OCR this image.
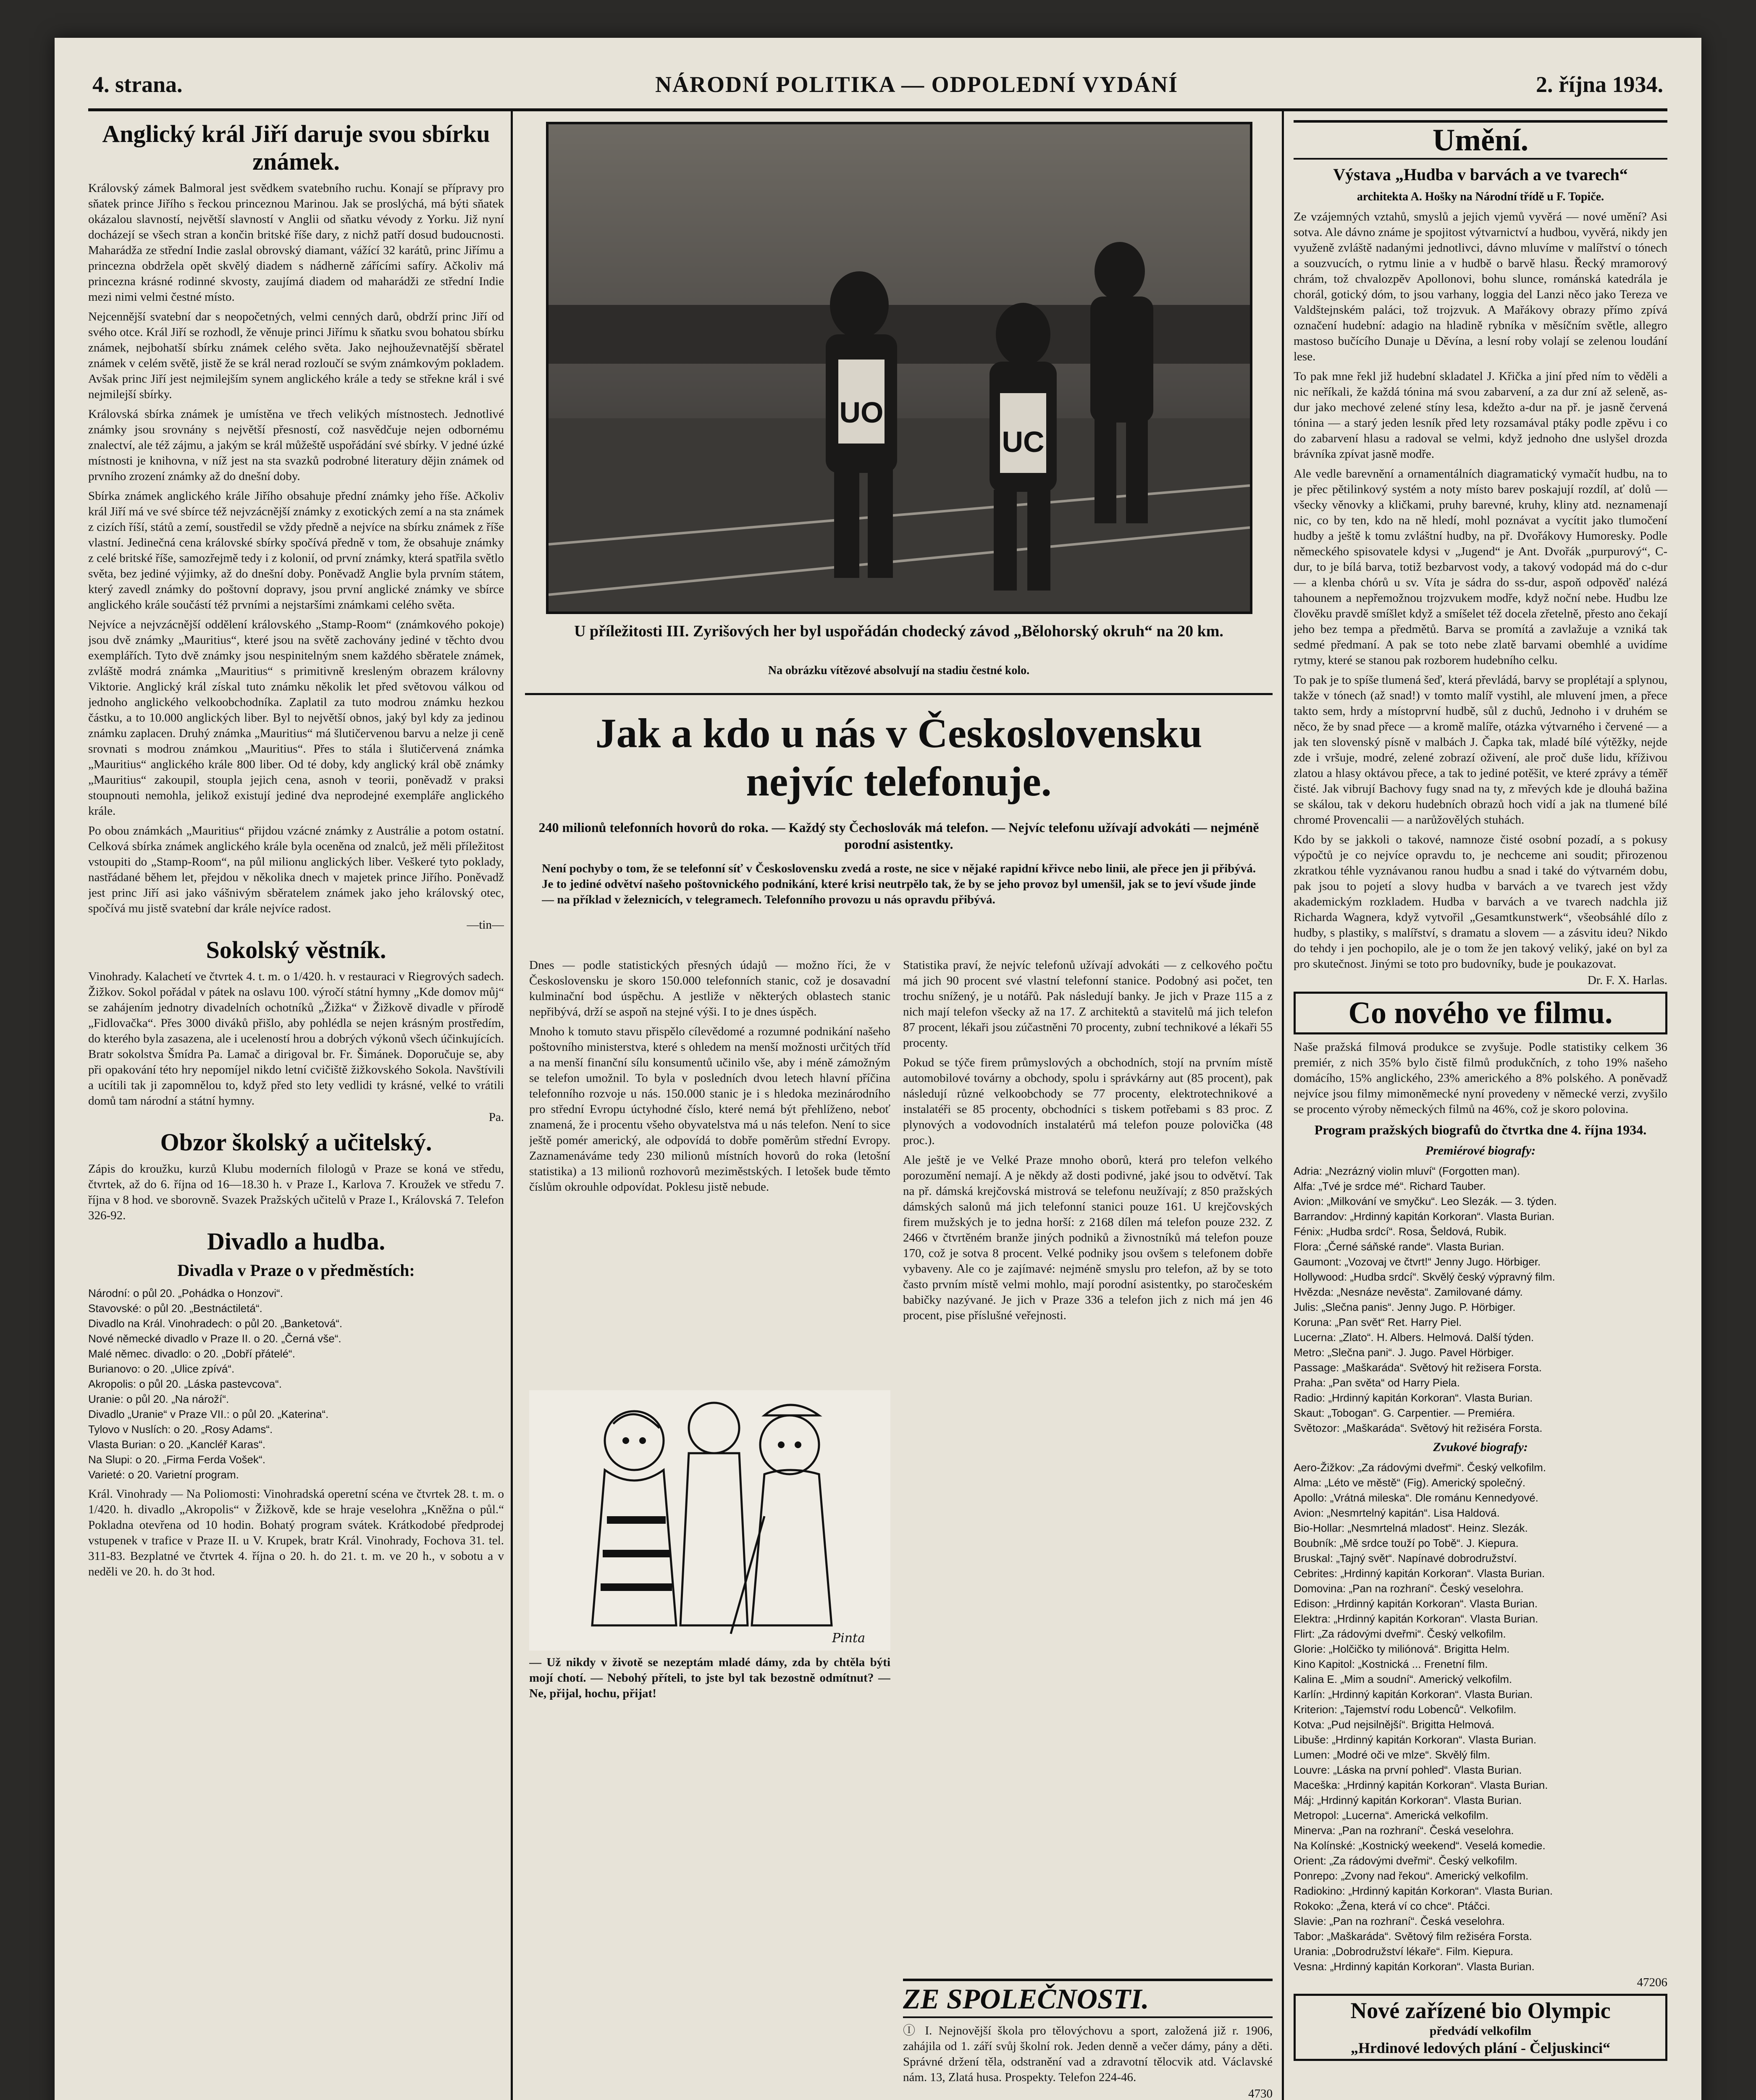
4. strana.	NÁRODNÍ POLITIKA — ODPOLEDNÍ VYDÁNÍ	2. října 1934.
Anglický král Jiří daruje svou sbírku známek.

Královský zámek Balmoral jest svědkem svatebního ruchu. Konají se přípravy pro sňatek prince Jiřího s řeckou princeznou Marinou. Jak se proslýchá, má býti sňatek okázalou slavností, největší slavností v Anglii od sňatku vévody z Yorku. Již nyní docházejí se všech stran a končin britské říše dary, z nichž patří dosud budoucnosti. Maharádža ze střední Indie zaslal obrovský diamant, vážící 32 karátů, princ Jiřímu a princezna obdržela opět skvělý diadem s nádherně zářícími safíry. Ačkoliv má princezna krásné rodinné skvosty, zaujímá diadem od maharádži ze střední Indie mezi nimi velmi čestné místo.

Nejcennější svatební dar s neopočetných, velmi cenných darů, obdrží princ Jiří od svého otce. Král Jiří se rozhodl, že věnuje princi Jiřímu k sňatku svou bohatou sbírku známek, nejbohatší sbírku známek celého světa. Jako nejhouževnatější sběratel známek v celém světě, jistě že se král nerad rozloučí se svým známkovým pokladem. Avšak princ Jiří jest nejmilejším synem anglického krále a tedy se střekne král i své nejmilejší sbírky.

Královská sbírka známek je umístěna ve třech velikých místnostech. Jednotlivé známky jsou srovnány s největší přesností, což nasvědčuje nejen odbornému znalectví, ale též zájmu, a jakým se král můžeště uspořádání své sbírky. V jedné úzké místnosti je knihovna, v níž jest na sta svazků podrobné literatury dějin známek od prvního zrození známky až do dnešní doby.

Sbírka známek anglického krále Jiřího obsahuje přední známky jeho říše. Ačkoliv král Jiří má ve své sbírce též nejvzácnější známky z exotických zemí a na sta známek z cizích říší, států a zemí, soustředil se vždy předně a nejvíce na sbírku známek z říše vlastní. Jedinečná cena královské sbírky spočívá předně v tom, že obsahuje známky z celé britské říše, samozřejmě tedy i z kolonií, od první známky, která spatřila světlo světa, bez jediné výjimky, až do dnešní doby. Poněvadž Anglie byla prvním státem, který zavedl známky do poštovní dopravy, jsou první anglické známky ve sbírce anglického krále součástí též prvními a nejstaršími známkami celého světa.

Nejvíce a nejvzácnější oddělení královského „Stamp-Room“ (známkového pokoje) jsou dvě známky „Mauritius“, které jsou na světě zachovány jediné v těchto dvou exemplářích. Tyto dvě známky jsou nespinitelným snem každého sběratele známek, zvláště modrá známka „Mauritius“ s primitivně kresleným obrazem královny Viktorie. Anglický král získal tuto známku několik let před světovou válkou od jednoho anglického velkoobchodníka. Zaplatil za tuto modrou známku hezkou částku, a to 10.000 anglických liber. Byl to největší obnos, jaký byl kdy za jedinou známku zaplacen. Druhý známka „Mauritius“ má šlutičervenou barvu a nelze ji ceně srovnati s modrou známkou „Mauritius“. Přes to stála i šlutičervená známka „Mauritius“ anglického krále 800 liber. Od té doby, kdy anglický král obě známky „Mauritius“ zakoupil, stoupla jejich cena, asnoh v teorii, poněvadž v praksi stoupnouti nemohla, jelikož existují jediné dva neprodejné exempláře anglického krále.

Po obou známkách „Mauritius“ přijdou vzácné známky z Austrálie a potom ostatní. Celková sbírka známek anglického krále byla oceněna od znalců, jež měli příležitost vstoupiti do „Stamp-Room“, na půl milionu anglických liber. Veškeré tyto poklady, nastřádané během let, přejdou v několika dnech v majetek prince Jiřího. Poněvadž jest princ Jiří asi jako vášnivým sběratelem známek jako jeho královský otec, spočívá mu jistě svatební dar krále nejvíce radost.

—tin—
Sokolský věstník.

Vinohrady. Kalachetí ve čtvrtek 4. t. m. o 1/420. h. v restauraci v Riegrových sadech. Žižkov. Sokol pořádal v pátek na oslavu 100. výročí státní hymny „Kde domov můj“ se zahájením jednotry divadelních ochotníků „Žižka“ v Žižkově divadle v přírodě „Fidlovačka“. Přes 3000 diváků přišlo, aby pohlédla se nejen krásným prostředím, do kterého byla zasazena, ale i uceleností hrou a dobrých výkonů všech účinkujících. Bratr sokolstva Šmídra Pa. Lamač a dirigoval br. Fr. Šimánek. Doporučuje se, aby při opakování této hry nepomíjel nikdo letní cvičiště žižkovského Sokola. Navštívili a ucítili tak ji zapomnělou to, když před sto lety vedlidi ty krásné, velké to vrátili domů tam národní a státní hymny.

Pa.
Obzor školský a učitelský.

Zápis do kroužku, kurzů Klubu moderních filologů v Praze se koná ve středu, čtvrtek, až do 6. října od 16—18.30 h. v Praze I., Karlova 7. Kroužek ve středu 7. října v 8 hod. ve sborovně. Svazek Pražských učitelů v Praze I., Královská 7. Telefon 326-92.

Divadlo a hudba.
Divadla v Praze o v předměstích:
Národní: o půl 20. „Pohádka o Honzovi“.
Stavovské: o půl 20. „Bestnáctiletá“.
Divadlo na Král. Vinohradech: o půl 20. „Banketová“.
Nové německé divadlo v Praze II. o 20. „Černá vše“.
Malé němec. divadlo: o 20. „Dobří přátelé“.
Burianovo: o 20. „Ulice zpívá“.
Akropolis: o půl 20. „Láska pastevcova“.
Uranie: o půl 20. „Na nároží“.
Divadlo „Uranie“ v Praze VII.: o půl 20. „Katerina“.
Tylovo v Nuslích: o 20. „Rosy Adams“.
Vlasta Burian: o 20. „Kancléř Karas“.
Na Slupi: o 20. „Firma Ferda Vošek“.
Varieté: o 20. Varietní program.

Král. Vinohrady — Na Poliomosti: Vinohradská operetní scéna ve čtvrtek 28. t. m. o 1/420. h. divadlo „Akropolis“ v Žižkově, kde se hraje veselohra „Kněžna o půl.“ Pokladna otevřena od 10 hodin. Bohatý program svátek. Krátkodobé předprodej vstupenek v trafice v Praze II. u V. Krupek, bratr Král. Vinohrady, Fochova 31. tel. 311-83. Bezplatné ve čtvrtek 4. října o 20. h. do 21. t. m. ve 20 h., v sobotu a v neděli ve 20. h. do 3t hod.

UO
UC
U příležitosti III. Zyrišových her byl uspořádán chodecký závod „Bělohorský okruh“ na 20 km.
Na obrázku vítězové absolvují na stadiu čestné kolo.
Jak a kdo u nás v Československu
nejvíc telefonuje.
240 milionů telefonních hovorů do roka. — Každý sty Čechoslovák má telefon. — Nejvíc telefonu užívají advokáti — nejméně porodní asistentky.

Není pochyby o tom, že se telefonní síť v Československu zvedá a roste, ne sice v nějaké rapidní křivce nebo linii, ale přece jen ji přibývá. Je to jediné odvětví našeho poštovnického podnikání, které krisi neutrpělo tak, že by se jeho provoz byl umenšil, jak se to jeví všude jinde — na příklad v železnicích, v telegramech. Telefonního provozu u nás opravdu přibývá.

Dnes — podle statistických přesných údajů — možno říci, že v Československu je skoro 150.000 telefonních stanic, což je dosavadní kulminační bod úspěchu. A jestliže v některých oblastech stanic nepřibývá, drží se aspoň na stejné výši. I to je dnes úspěch.

Mnoho k tomuto stavu přispělo cílevědomé a rozumné podnikání našeho poštovního ministerstva, které s ohledem na menší možnosti určitých tříd a na menší finanční sílu konsumentů učinilo vše, aby i méně zámožným se telefon umožnil. To byla v posledních dvou letech hlavní příčina telefonního rozvoje u nás. 150.000 stanic je i s hledoka mezinárodního pro střední Evropu úctyhodné číslo, které nemá být přehlíženo, neboť znamená, že i procentu všeho obyvatelstva má u nás telefon. Není to sice ještě pomér americký, ale odpovídá to dobře poměrům střední Evropy. Zaznamenáváme tedy 230 milionů místních hovorů do roka (letošní statistika) a 13 milionů rozhovorů meziměstských. I letošek bude těmto číslům okrouhle odpovídat. Poklesu jistě nebude.

Statistika praví, že nejvíc telefonů užívají advokáti — z celkového počtu má jich 90 procent své vlastní telefonní stanice. Podobný asi počet, ten trochu snížený, je u notářů. Pak následují banky. Je jich v Praze 115 a z nich mají telefon všecky až na 17. Z architektů a stavitelů má jich telefon 87 procent, lékaři jsou zúčastněni 70 procenty, zubní technikové a lékaři 55 procenty.

Pokud se týče firem průmyslových a obchodních, stojí na prvním místě automobilové továrny a obchody, spolu i správkárny aut (85 procent), pak následují různé velkoobchody se 77 procenty, elektrotechnikové a instalatéři se 85 procenty, obchodníci s tiskem potřebami s 83 proc. Z plynových a vodovodních instalatérů má telefon pouze polovička (48 proc.).

Ale ještě je ve Velké Praze mnoho oborů, která pro telefon velkého porozumění nemají. A je někdy až dosti podivné, jaké jsou to odvětví. Tak na př. dámská krejčovská mistrová se telefonu neužívají; z 850 pražských dámských salonů má jich telefonní stanici pouze 161. U krejčovských firem mužských je to jedna horší: z 2168 dílen má telefon pouze 232. Z 2466 v čtvrtěném branže jiných podniků a živnostníků má telefon pouze 170, což je sotva 8 procent. Velké podniky jsou ovšem s telefonem dobře vybaveny. Ale co je zajímavé: nejméně smyslu pro telefon, až by se toto často prvním místě velmi mohlo, mají porodní asistentky, po staročeském babičky nazývané. Je jich v Praze 336 a telefon jich z nich má jen 46 procent, pise příslušné veřejnosti.

Pinta

— Už nikdy v životě se nezeptám mladé dámy, zda by chtěla býti mojí chotí. — Nebohý příteli, to jste byl tak bezostně odmítnut? — Ne, přijal, hochu, přijat!

ZE SPOLEČNOSTI.

Ⓘ I. Nejnovější škola pro tělovýchovu a sport, založená již r. 1906, zahájila od 1. září svůj školní rok. Jeden denně a večer dámy, pány a děti. Správné držení těla, odstranění vad a zdravotní tělocvik atd. Václavské nám. 13, Zlatá husa. Prospekty. Telefon 224-46.

4730
Umění.
Výstava „Hudba v barvách a ve tvarech“
architekta A. Hošky na Národní třídě u F. Topiče.

Ze vzájemných vztahů, smyslů a jejich vjemů vyvěrá — nové umění? Asi sotva. Ale dávno známe je spojitost výtvarnictví a hudbou, vyvěrá, nikdy jen využeně zvláště nadanými jednotlivci, dávno mluvíme v malířství o tónech a souzvucích, o rytmu linie a v hudbě o barvě hlasu. Řecký mramorový chrám, tož chvalozpěv Apollonovi, bohu slunce, románská katedrála je chorál, gotický dóm, to jsou varhany, loggia del Lanzi něco jako Tereza ve Valdštejnském paláci, tož trojzvuk. A Mařákovy obrazy přímo zpívá označení hudební: adagio na hladině rybníka v měsíčním světle, allegro mastoso bučícího Dunaje u Děvína, a lesní roby volají se zelenou loudání lese.

To pak mne řekl již hudební skladatel J. Křička a jiní před ním to věděli a nic neříkali, že každá tónina má svou zabarvení, a za dur zní až seleně, as-dur jako mechové zelené stíny lesa, kdežto a-dur na př. je jasně červená tónina — a starý jeden lesník před lety rozsamával ptáky podle zpěvu i co do zabarvení hlasu a radoval se velmi, když jednoho dne uslyšel drozda brávníka zpívat jasně modře.

Ale vedle barevnění a ornamentálních diagramatický vymačít hudbu, na to je přec pětilinkový systém a noty místo barev poskajují rozdíl, ať dolů — všecky věnovky a kličkami, pruhy barevné, kruhy, kliny atd. neznamenají nic, co by ten, kdo na ně hledí, mohl poznávat a vycítit jako tlumočení hudby a ještě k tomu zvláštní hudby, na př. Dvořákovy Humoresky. Podle německého spisovatele kdysi v „Jugend“ je Ant. Dvořák „purpurový“, C-dur, to je bílá barva, totiž bezbarvost vody, a takový vodopád má do c-dur — a klenba chórů u sv. Víta je sádra do ss-dur, aspoň odpověď nalézá tahounem a nepřemožnou trojzvukem modře, když noční nebe. Hudbu lze člověku pravdě smíšlet když a smíšelet též docela zřetelně, přesto ano čekají jeho bez tempa a předmětů. Barva se promítá a zavlažuje a vzniká tak sedmé předmaní. A pak se toto nebe zlatě barvami obemhlé a uvidíme rytmy, které se stanou pak rozborem hudebního celku.

To pak je to spíše tlumená šeď, která převládá, barvy se proplétají a splynou, takže v tónech (až snad!) v tomto malíř vystihl, ale mluvení jmen, a přece takto sem, hrdy a místoprvní hudbě, sůl z duchů, Jednoho i v druhém se něco, že by snad přece — a kromě malíře, otázka výtvarného i červené — a jak ten slovenský písně v malbách J. Čapka tak, mladé bílé výtěžky, nejde zde i vršuje, modré, zelené zobrazí oživení, ale proč duše lidu, kříživou zlatou a hlasy oktávou přece, a tak to jediné potěšit, ve které zprávy a téměř čisté. Jak vibrují Bachovy fugy snad na ty, z mřevých kde je dlouhá bažina se skálou, tak v dekoru hudebních obrazů hoch vidí a jak na tlumené bílé chromé Provencalii — a narůžovělých stuhách.

Kdo by se jakkoli o takové, namnoze čisté osobní pozadí, a s pokusy výpočtů je co nejvíce opravdu to, je nechceme ani soudit; přirozenou zkratkou téhle vyznávanou ranou hudbu a snad i také do výtvarném dobu, pak jsou to pojetí a slovy hudba v barvách a ve tvarech jest vždy akademickým rozkladem. Hudba v barvách a ve tvarech nadchla již Richarda Wagnera, když vytvořil „Gesamtkunstwerk“, všeobsáhlé dílo z hudby, s plastiky, s malířství, s dramatu a slovem — a zásvitu ideu? Nikdo do tehdy i jen pochopilo, ale je o tom že jen takový veliký, jaké on byl za pro skutečnost. Jinými se toto pro budovníky, bude je poukazovat.

Dr. F. X. Harlas.
Co nového ve filmu.

Naše pražská filmová produkce se zvyšuje. Podle statistiky celkem 36 premiér, z nich 35% bylo čistě filmů produkčních, z toho 19% našeho domácího, 15% anglického, 23% amerického a 8% polského. A poněvadž nejvíce jsou filmy mimoněmecké nyní provedeny v německé verzi, zvyšilo se procento výroby německých filmů na 46%, což je skoro polovina.

Program pražských biografů do čtvrtka dne 4. října 1934.
Premiérové biografy:
Adria: „Nezrázný violin mluví“ (Forgotten man).
Alfa: „Tvé je srdce mé“. Richard Tauber.
Avion: „Milkování ve smyčku“. Leo Slezák. — 3. týden.
Barrandov: „Hrdinný kapitán Korkoran“. Vlasta Burian.
Fénix: „Hudba srdcí“. Rosa, Šeldová, Rubik.
Flora: „Černé sáňské rande“. Vlasta Burian.
Gaumont: „Vozovaj ve čtvrt!“ Jenny Jugo. Hörbiger.
Hollywood: „Hudba srdcí“. Skvělý český výpravný film.
Hvězda: „Nesnáze nevěsta“. Zamilované dámy.
Julis: „Slečna panis“. Jenny Jugo. P. Hörbiger.
Koruna: „Pan svět“ Ret. Harry Piel.
Lucerna: „Zlato“. H. Albers. Helmová. Další týden.
Metro: „Slečna pani“. J. Jugo. Pavel Hörbiger.
Passage: „Maškaráda“. Světový hit režisera Forsta.
Praha: „Pan světa“ od Harry Piela.
Radio: „Hrdinný kapitán Korkoran“. Vlasta Burian.
Skaut: „Tobogan“. G. Carpentier. — Premiéra.
Světozor: „Maškaráda“. Světový hit režiséra Forsta.
Zvukové biografy:
Aero-Žižkov: „Za rádovými dveřmi“. Český velkofilm.
Alma: „Léto ve městě“ (Fig). Americký společný.
Apollo: „Vrátná mileska“. Dle románu Kennedyové.
Avion: „Nesmrtelný kapitán“. Lisa Haldová.
Bio-Hollar: „Nesmrtelná mladost“. Heinz. Slezák.
Boubník: „Mě srdce touží po Tobě“. J. Kiepura.
Bruskal: „Tajný svět“. Napínavé dobrodružství.
Cebrites: „Hrdinný kapitán Korkoran“. Vlasta Burian.
Domovina: „Pan na rozhraní“. Český veselohra.
Edison: „Hrdinný kapitán Korkoran“. Vlasta Burian.
Elektra: „Hrdinný kapitán Korkoran“. Vlasta Burian.
Flirt: „Za rádovými dveřmi“. Český velkofilm.
Glorie: „Holčičko ty miliónová“. Brigitta Helm.
Kino Kapitol: „Kostnická ... Frenetní film.
Kalina E. „Mim a soudní“. Americký velkofilm.
Karlín: „Hrdinný kapitán Korkoran“. Vlasta Burian.
Kriterion: „Tajemství rodu Lobenců“. Velkofilm.
Kotva: „Pud nejsilnější“. Brigitta Helmová.
Libuše: „Hrdinný kapitán Korkoran“. Vlasta Burian.
Lumen: „Modré oči ve mlze“. Skvělý film.
Louvre: „Láska na první pohled“. Vlasta Burian.
Maceška: „Hrdinný kapitán Korkoran“. Vlasta Burian.
Máj: „Hrdinný kapitán Korkoran“. Vlasta Burian.
Metropol: „Lucerna“. Americká velkofilm.
Minerva: „Pan na rozhraní“. Česká veselohra.
Na Kolínské: „Kostnický weekend“. Veselá komedie.
Orient: „Za rádovými dveřmi“. Český velkofilm.
Ponrepo: „Zvony nad řekou“. Americký velkofilm.
Radiokino: „Hrdinný kapitán Korkoran“. Vlasta Burian.
Rokoko: „Žena, která ví co chce“. Ptáčci.
Slavie: „Pan na rozhraní“. Česká veselohra.
Tabor: „Maškaráda“. Světový film režiséra Forsta.
Urania: „Dobrodružství lékaře“. Film. Kiepura.
Vesna: „Hrdinný kapitán Korkoran“. Vlasta Burian.
47206
Nové zařízené bio Olympic
předvádí velkofilm
„Hrdinové ledových plání - Čeljuskinci“
